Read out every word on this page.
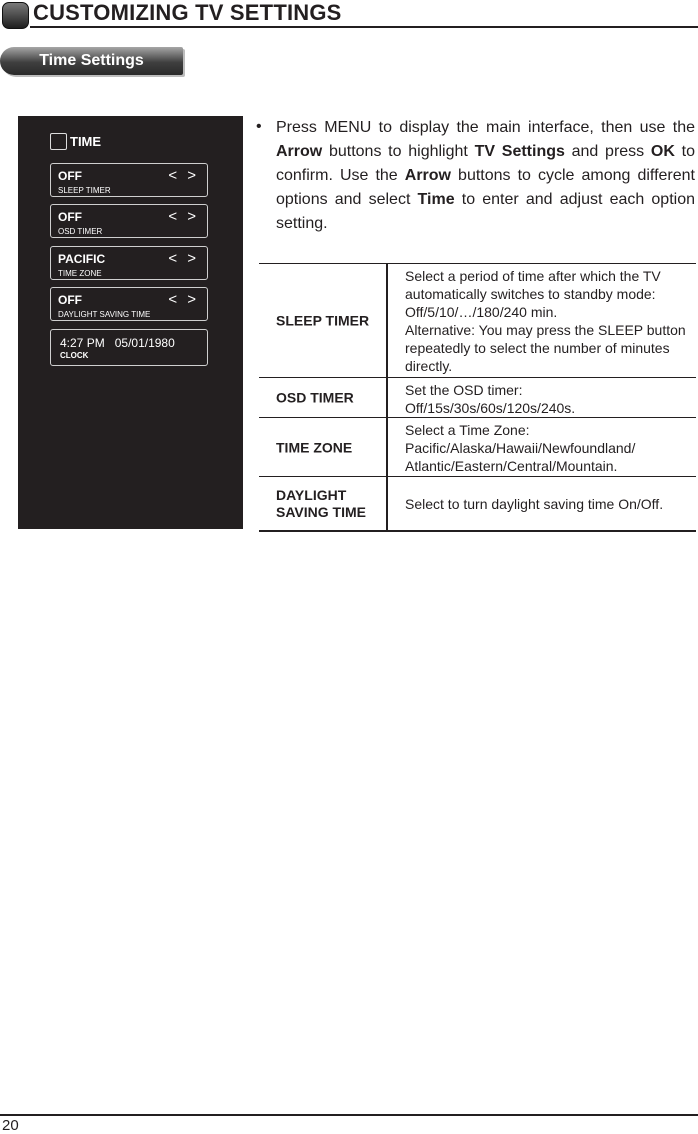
CUSTOMIZING TV SETTINGS
Time Settings
TIME
OFF
SLEEP TIMER
< >
OFF
OSD TIMER
< >
PACIFIC
TIME ZONE
< >
OFF
DAYLIGHT SAVING TIME
< >
4:27 PM 05/01/1980
CLOCK
• Press MENU to display the main interface, then use the Arrow buttons to highlight TV Settings and press OK to confirm. Use the Arrow buttons to cycle among different options and select Time to enter and adjust each option setting.
SLEEP TIMER
Select a period of time after which the TV automatically switches to standby mode: Off/5/10/…/180/240 min.
Alternative: You may press the SLEEP button repeatedly to select the number of minutes directly.
OSD TIMER	Set the OSD timer:
Off/15s/30s/60s/120s/240s.
TIME ZONE
Select a Time Zone:
Pacific/Alaska/Hawaii/Newfoundland/ Atlantic/Eastern/Central/Mountain.
DAYLIGHT SAVING TIME	Select to turn daylight saving time On/Off.
20
